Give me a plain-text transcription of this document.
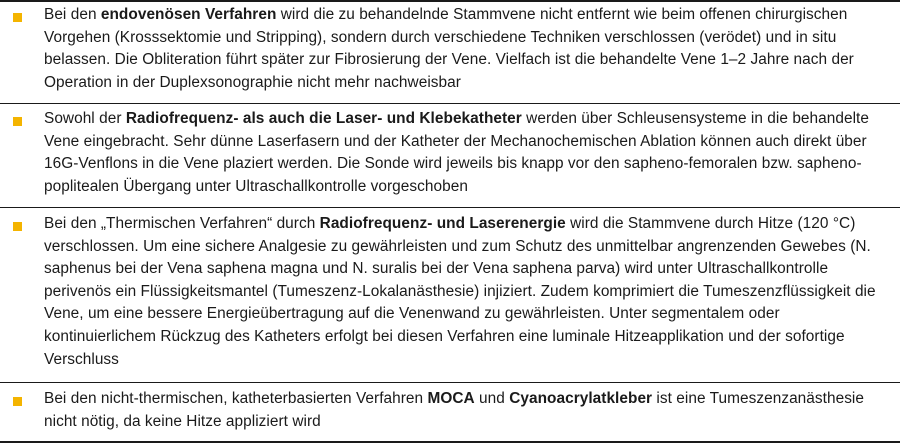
Bei den endovenösen Verfahren wird die zu behandelnde Stammvene nicht entfernt wie beim offenen chirurgischen Vorgehen (Krosssektomie und Stripping), sondern durch verschiedene Techniken verschlossen (verödet) und in situ belassen. Die Obliteration führt später zur Fibrosierung der Vene. Vielfach ist die behandelte Vene 1–2 Jahre nach der Operation in der Duplexsonographie nicht mehr nachweisbar
Sowohl der Radiofrequenz- als auch die Laser- und Klebekatheter werden über Schleusensysteme in die behandelte Vene eingebracht. Sehr dünne Laserfasern und der Katheter der Mechanochemischen Ablation können auch direkt über 16G-Venflons in die Vene plaziert werden. Die Sonde wird jeweils bis knapp vor den sapheno-femoralen bzw. sapheno-poplitealen Übergang unter Ultraschallkontrolle vorgeschoben
Bei den „Thermischen Verfahren“ durch Radiofrequenz- und Laserenergie wird die Stammvene durch Hitze (120 °C) verschlossen. Um eine sichere Analgesie zu gewährleisten und zum Schutz des unmittelbar angrenzenden Gewebes (N. saphenus bei der Vena saphena magna und N. suralis bei der Vena saphena parva) wird unter Ultraschallkontrolle perivenös ein Flüssigkeitsmantel (Tumeszenz-Lokalanästhesie) injiziert. Zudem komprimiert die Tumeszenzflüssigkeit die Vene, um eine bessere Energieübertragung auf die Venenwand zu gewährleisten. Unter segmentalem oder kontinuierlichem Rückzug des Katheters erfolgt bei diesen Verfahren eine luminale Hitzeapplikation und der sofortige Verschluss
Bei den nicht-thermischen, katheterbasierten Verfahren MOCA und Cyanoacrylatkleber ist eine Tumeszenzanästhesie nicht nötig, da keine Hitze appliziert wird
